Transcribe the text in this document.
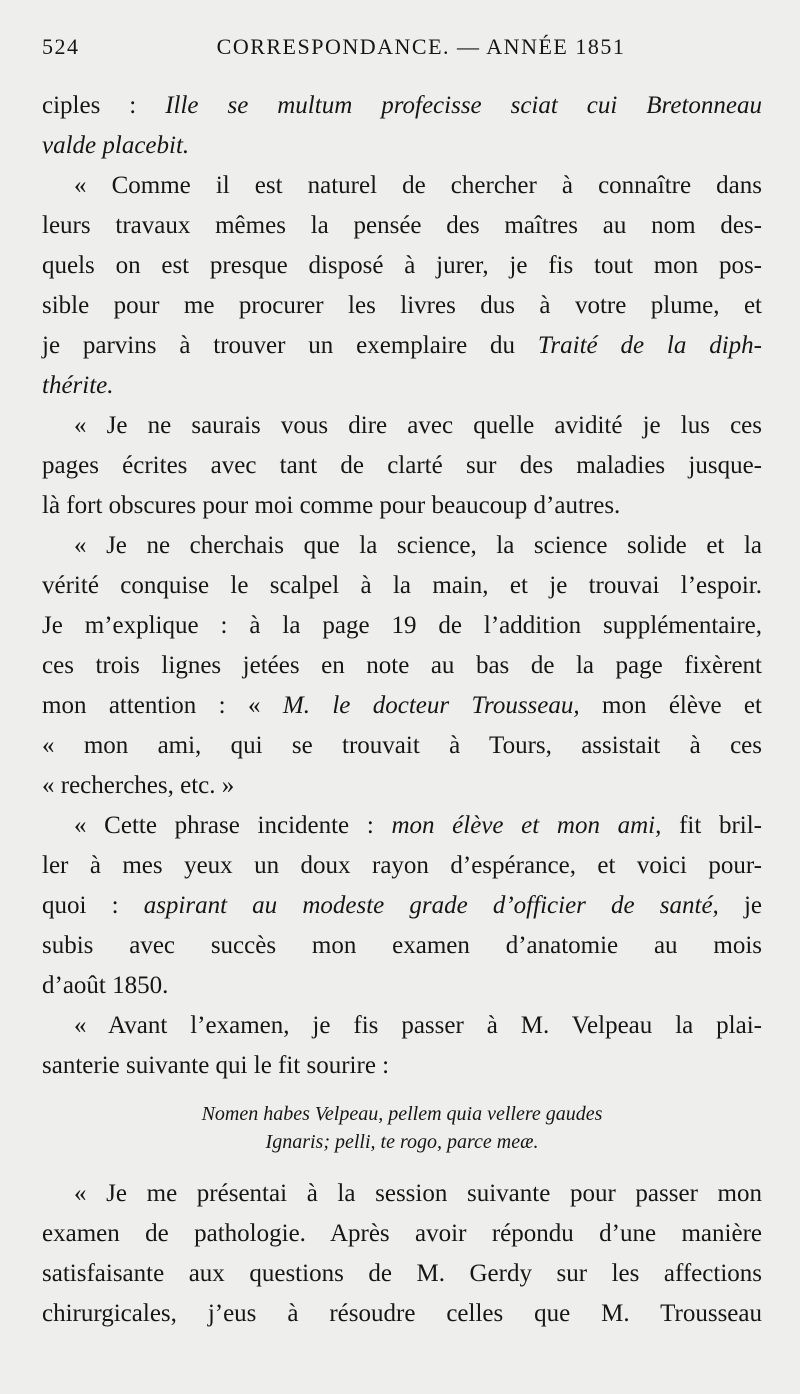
524	CORRESPONDANCE. — ANNÉE 1851
ciples : Ille se multum profecisse sciat cui Bretonneau
valde placebit.
« Comme il est naturel de chercher à connaître dans
leurs travaux mêmes la pensée des maîtres au nom des-
quels on est presque disposé à jurer, je fis tout mon pos-
sible pour me procurer les livres dus à votre plume, et
je parvins à trouver un exemplaire du Traité de la diph-
thérite.
« Je ne saurais vous dire avec quelle avidité je lus ces
pages écrites avec tant de clarté sur des maladies jusque-
là fort obscures pour moi comme pour beaucoup d’autres.
« Je ne cherchais que la science, la science solide et la
vérité conquise le scalpel à la main, et je trouvai l’espoir.
Je m’explique : à la page 19 de l’addition supplémentaire,
ces trois lignes jetées en note au bas de la page fixèrent
mon attention : « M. le docteur Trousseau, mon élève et
« mon ami, qui se trouvait à Tours, assistait à ces
« recherches, etc. »
« Cette phrase incidente : mon élève et mon ami, fit bril-
ler à mes yeux un doux rayon d’espérance, et voici pour-
quoi : aspirant au modeste grade d’officier de santé, je
subis avec succès mon examen d’anatomie au mois
d’août 1850.
« Avant l’examen, je fis passer à M. Velpeau la plai-
santerie suivante qui le fit sourire :
Nomen habes Velpeau, pellem quia vellere gaudes
Ignaris; pelli, te rogo, parce meæ.
« Je me présentai à la session suivante pour passer mon
examen de pathologie. Après avoir répondu d’une manière
satisfaisante aux questions de M. Gerdy sur les affections
chirurgicales, j’eus à résoudre celles que M. Trousseau
